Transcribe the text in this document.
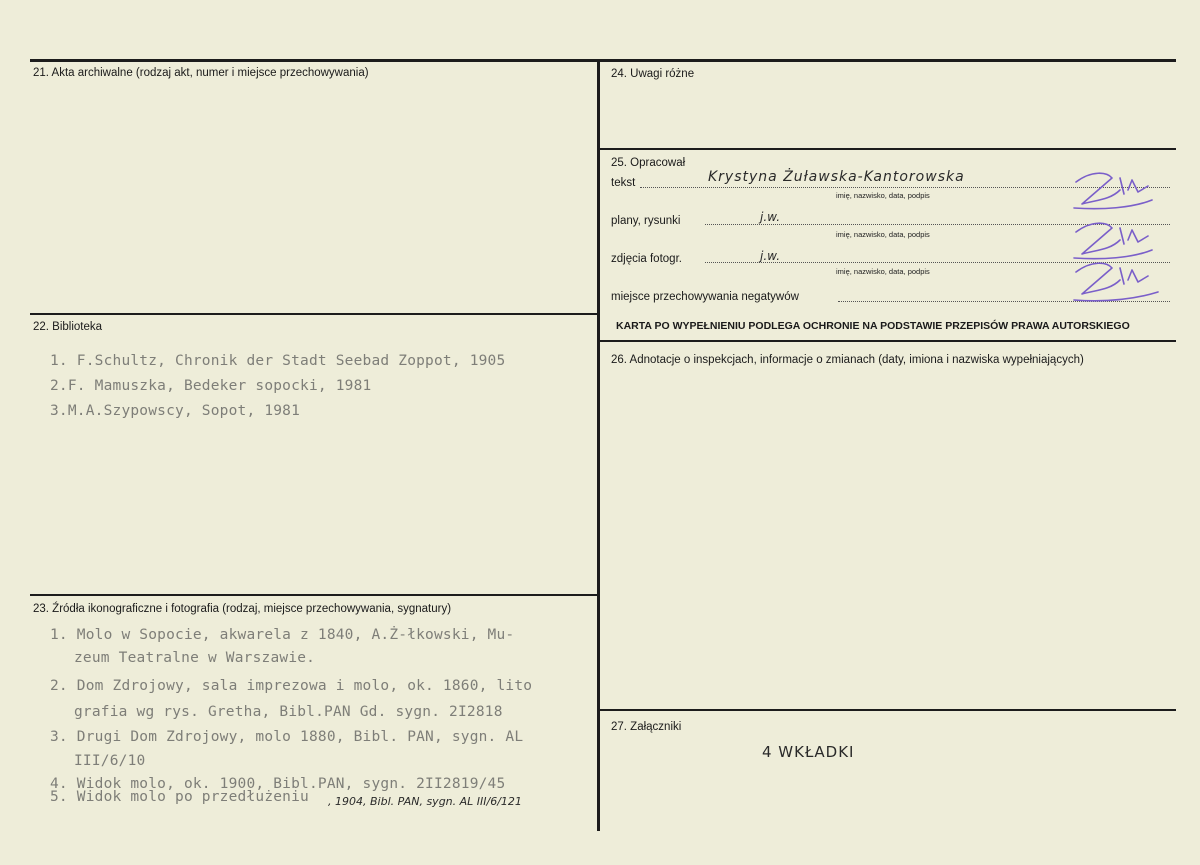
21. Akta archiwalne (rodzaj akt, numer i miejsce przechowywania)
22. Biblioteka
1. F.Schultz, Chronik der Stadt Seebad Zoppot, 1905
2.F. Mamuszka, Bedeker sopocki, 1981
3.M.A.Szypowscy, Sopot, 1981
23. Źródła ikonograficzne i fotografia (rodzaj, miejsce przechowywania, sygnatury)
1. Molo w Sopocie, akwarela z 1840, A.Ż-łkowski, Mu-
zeum Teatralne w Warszawie.
2. Dom Zdrojowy, sala imprezowa i molo, ok. 1860, lito
grafia wg rys. Gretha, Bibl.PAN Gd. sygn. 2I2818
3. Drugi Dom Zdrojowy, molo 1880, Bibl. PAN, sygn. AL
III/6/10
4. Widok molo, ok. 1900, Bibl.PAN, sygn. 2II2819/45
5. Widok molo po przedłużeniu , 1904, Bibl. PAN, sygn. AL III/6/121
24. Uwagi różne
25. Opracował
tekst	Krystyna Żuławska-Kantorowska
imię, nazwisko, data, podpis
plany, rysunki	j.w.
imię, nazwisko, data, podpis
zdjęcia fotogr.	j.w.
imię, nazwisko, data, podpis
miejsce przechowywania negatywów
KARTA PO WYPEŁNIENIU PODLEGA OCHRONIE NA PODSTAWIE PRZEPISÓW PRAWA AUTORSKIEGO
26. Adnotacje o inspekcjach, informacje o zmianach (daty, imiona i nazwiska wypełniających)
27. Załączniki
4 WKŁADKI
